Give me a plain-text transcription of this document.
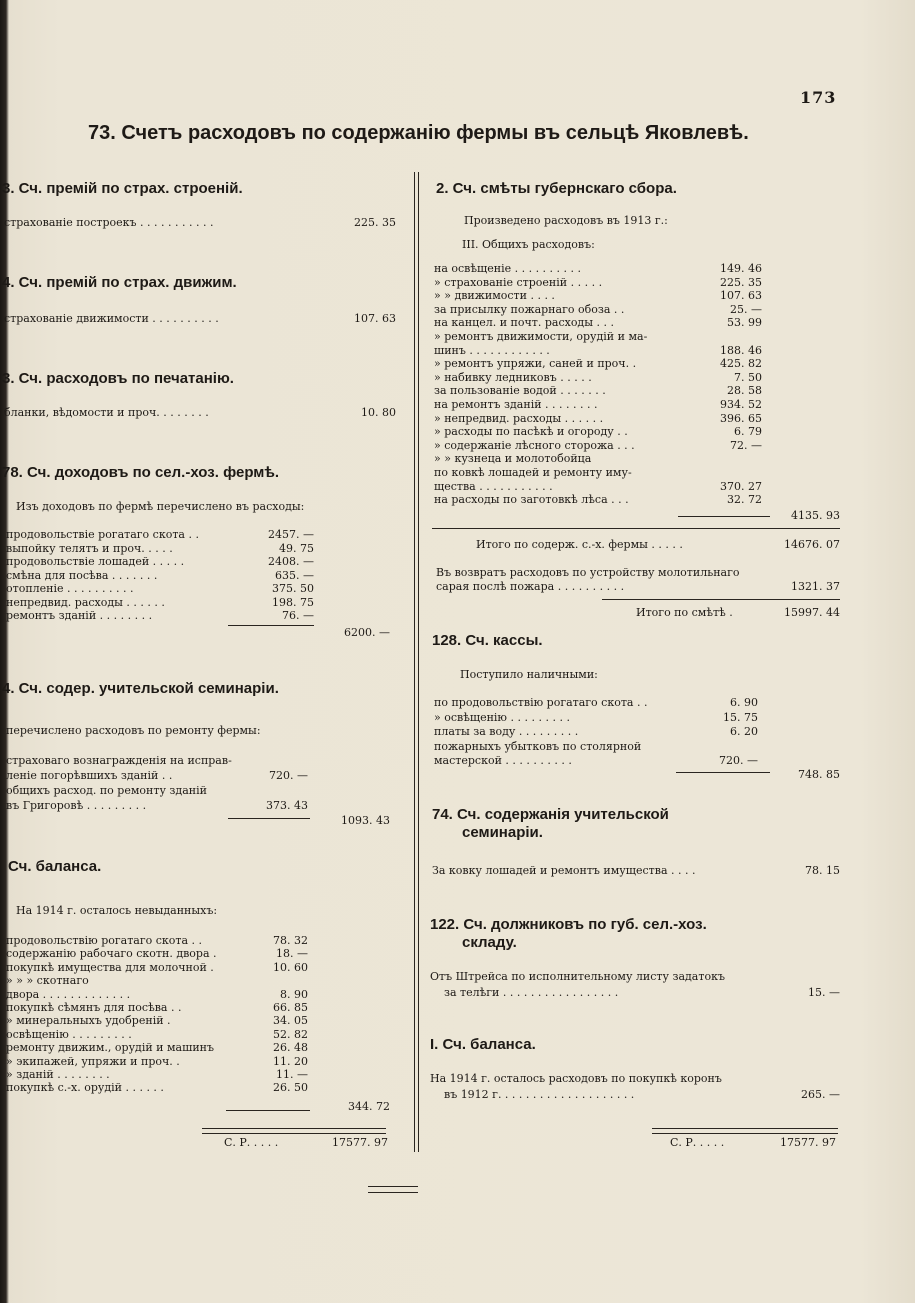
173
73. Счетъ расходовъ по содержанію фермы въ сельцѣ Яковлевѣ.
3. Сч. премій по страх. строеній.
страхованіе построекъ . . . . . . . . . . .	225. 35
4. Сч. премій по страх. движим.
страхованіе движимости . . . . . . . . . .	107. 63
3. Сч. расходовъ по печатанію.
бланки, вѣдомости и проч. . . . . . . .	10. 80
78. Сч. доходовъ по сел.-хоз. фермѣ.
Изъ доходовъ по фермѣ перечислено въ расходы:
продовольствіе рогатаго скота . .	2457. —
выпойку телятъ и проч. . . . .	49. 75
продовольствіе лошадей . . . . .	2408. —
смѣна для посѣва . . . . . . .	635. —
отопленіе . . . . . . . . . .	375. 50
непредвид. расходы . . . . . .	198. 75
ремонтъ зданій . . . . . . . .	76. —
6200. —
4. Сч. содер. учительской семинаріи.
перечислено расходовъ по ремонту фермы:
страховаго вознагражденія на исправ-
леніе погорѣвшихъ зданій . .	720. —
общихъ расход. по ремонту зданій
въ Григоровѣ . . . . . . . . .	373. 43
1093. 43
Сч. баланса.
На 1914 г. осталось невыданныхъ:
продовольствію рогатаго скота . .	78. 32
содержанію рабочаго скотн. двора .	18. —
покупкѣ имущества для молочной .	10. 60
» » » скотнаго
двора . . . . . . . . . . . . .	8. 90
покупкѣ сѣмянъ для посѣва . .	66. 85
» минеральныхъ удобреній .	34. 05
освѣщенію . . . . . . . . .	52. 82
ремонту движим., орудій и машинъ	26. 48
» экипажей, упряжи и проч. .	11. 20
» зданій . . . . . . . .	11. —
покупкѣ с.-х. орудій . . . . . .	26. 50
344. 72
С. Р. . . . .	17577. 97
2. Сч. смѣты губернскаго сбора.
Произведено расходовъ въ 1913 г.:
III. Общихъ расходовъ:
на освѣщеніе . . . . . . . . . .	149. 46
» страхованіе строеній . . . . .	225. 35
» » движимости . . . .	107. 63
за присылку пожарнаго обоза . .	25. —
на канцел. и почт. расходы . . .	53. 99
» ремонтъ движимости, орудій и ма-
шинъ . . . . . . . . . . . .	188. 46
» ремонтъ упряжи, саней и проч. .	425. 82
» набивку ледниковъ . . . . .	7. 50
за пользованіе водой . . . . . . .	28. 58
на ремонтъ зданій . . . . . . . .	934. 52
» непредвид. расходы . . . . . .	396. 65
» расходы по пасѣкѣ и огороду . .	6. 79
» содержаніе лѣсного сторожа . . .	72. —
» » кузнеца и молотобойца
по ковкѣ лошадей и ремонту иму-
щества . . . . . . . . . . .	370. 27
на расходы по заготовкѣ лѣса . . .	32. 72
4135. 93
Итого по содерж. с.-х. фермы . . . . .	14676. 07
Въ возвратъ расходовъ по устройству молотильнаго
сарая послѣ пожара . . . . . . . . . .	1321. 37
Итого по смѣтѣ .	15997. 44
128. Сч. кассы.
Поступило наличными:
по продовольствію рогатаго скота . .	6. 90
» освѣщенію . . . . . . . . .	15. 75
платы за воду . . . . . . . . .	6. 20
пожарныхъ убытковъ по столярной
мастерской . . . . . . . . . .	720. —
748. 85
74. Сч. содержанія учительской
семинаріи.
За ковку лошадей и ремонтъ имущества . . . .	78. 15
122. Сч. должниковъ по губ. сел.-хоз.
складу.
Отъ Штрейса по исполнительному листу задатокъ
за телѣги . . . . . . . . . . . . . . . . .	15. —
I. Сч. баланса.
На 1914 г. осталось расходовъ по покупкѣ коронъ
въ 1912 г. . . . . . . . . . . . . . . . . . . .	265. —
С. Р. . . . .	17577. 97
